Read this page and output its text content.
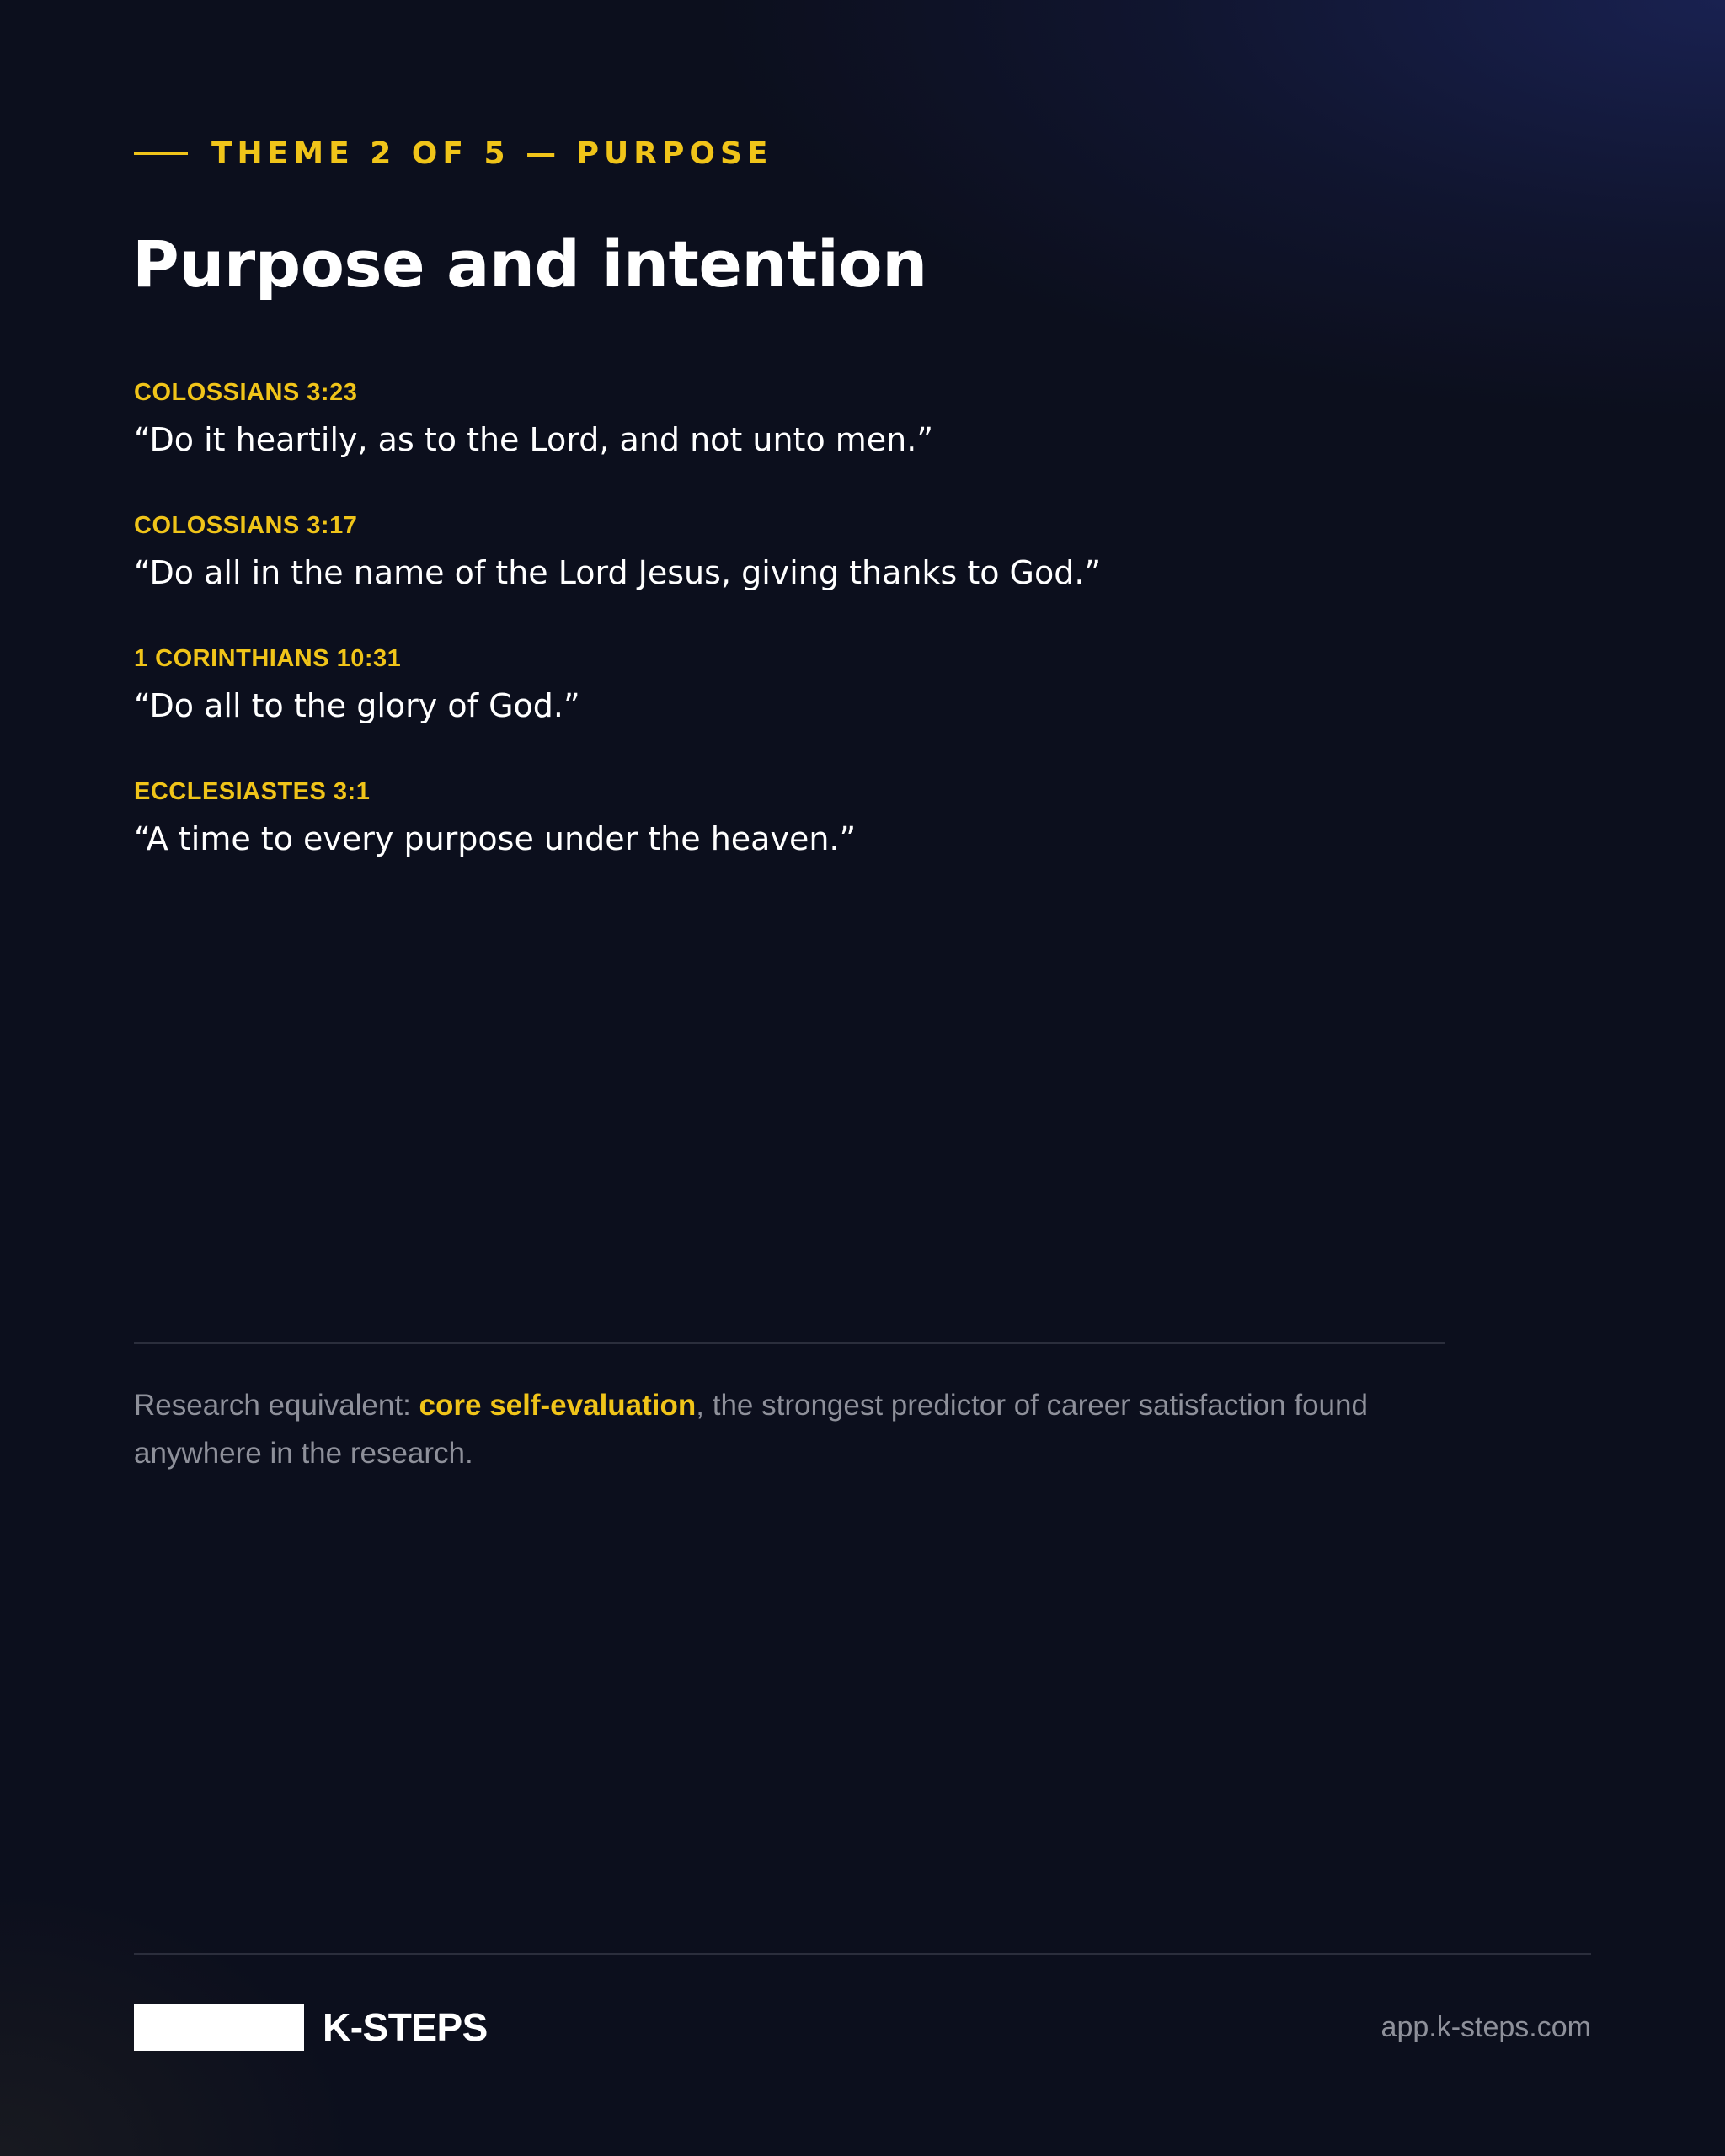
THEME 2 OF 5 — PURPOSE
Purpose and intention
COLOSSIANS 3:23
“Do it heartily, as to the Lord, and not unto men.”
COLOSSIANS 3:17
“Do all in the name of the Lord Jesus, giving thanks to God.”
1 CORINTHIANS 10:31
“Do all to the glory of God.”
ECCLESIASTES 3:1
“A time to every purpose under the heaven.”

Research equivalent: core self-evaluation, the strongest predictor of career satisfaction found anywhere in the research.

K-STEPS	app.k-steps.com
